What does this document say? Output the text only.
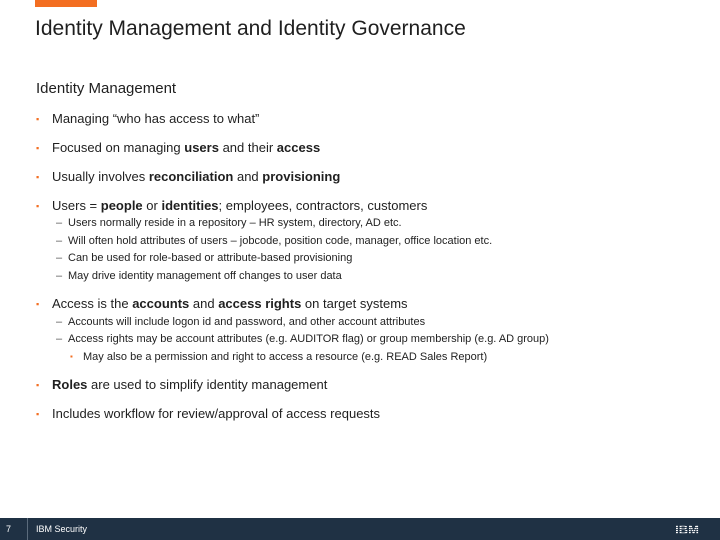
Identity Management and Identity Governance
Identity Management
▪ Managing “who has access to what”
▪ Focused on managing users and their access
▪ Usually involves reconciliation and provisioning
▪ Users = people or identities; employees, contractors, customers
– Users normally reside in a repository – HR system, directory, AD etc.
– Will often hold attributes of users – jobcode, position code, manager, office location etc.
– Can be used for role-based or attribute-based provisioning
– May drive identity management off changes to user data
▪ Access is the accounts and access rights on target systems
– Accounts will include logon id and password, and other account attributes
– Access rights may be account attributes (e.g. AUDITOR flag) or group membership (e.g. AD group)
▪ May also be a permission and right to access a resource (e.g. READ Sales Report)
▪ Roles are used to simplify identity management
▪ Includes workflow for review/approval of access requests
7	IBM Security	IBM
